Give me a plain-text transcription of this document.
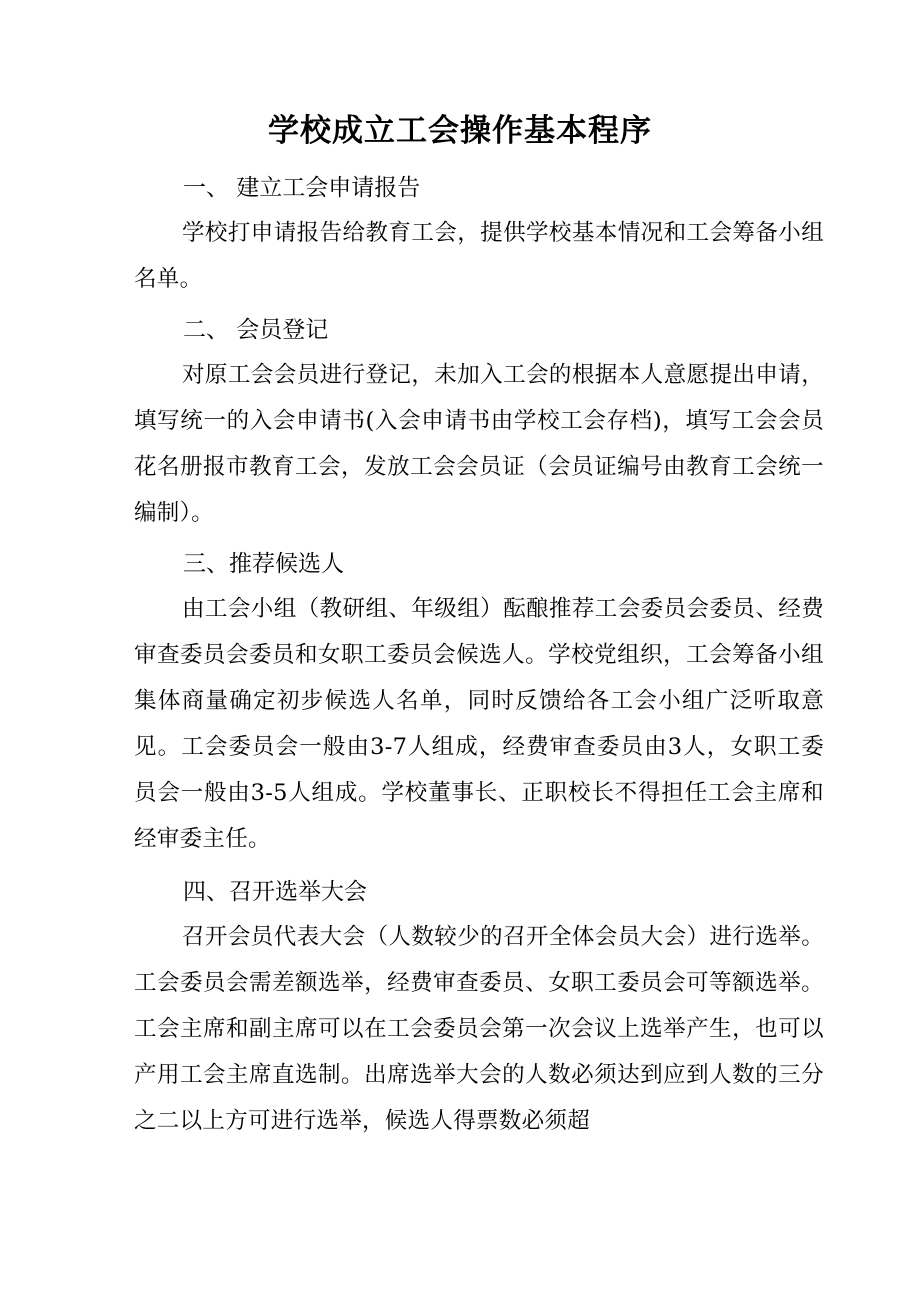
学校成立工会操作基本程序
一、 建立工会申请报告
学校打申请报告给教育工会，提供学校基本情况和工会筹备小组名单。
二、 会员登记
对原工会会员进行登记，未加入工会的根据本人意愿提出申请，填写统一的入会申请书(入会申请书由学校工会存档)，填写工会会员花名册报市教育工会，发放工会会员证（会员证编号由教育工会统一编制）。
三、推荐候选人
由工会小组（教研组、年级组）酝酿推荐工会委员会委员、经费审查委员会委员和女职工委员会候选人。学校党组织，工会筹备小组集体商量确定初步候选人名单，同时反馈给各工会小组广泛听取意见。工会委员会一般由3-7人组成，经费审查委员由3人，女职工委员会一般由3-5人组成。学校董事长、正职校长不得担任工会主席和经审委主任。
四、召开选举大会
召开会员代表大会（人数较少的召开全体会员大会）进行选举。工会委员会需差额选举，经费审查委员、女职工委员会可等额选举。工会主席和副主席可以在工会委员会第一次会议上选举产生，也可以产用工会主席直选制。出席选举大会的人数必须达到应到人数的三分之二以上方可进行选举，候选人得票数必须超
